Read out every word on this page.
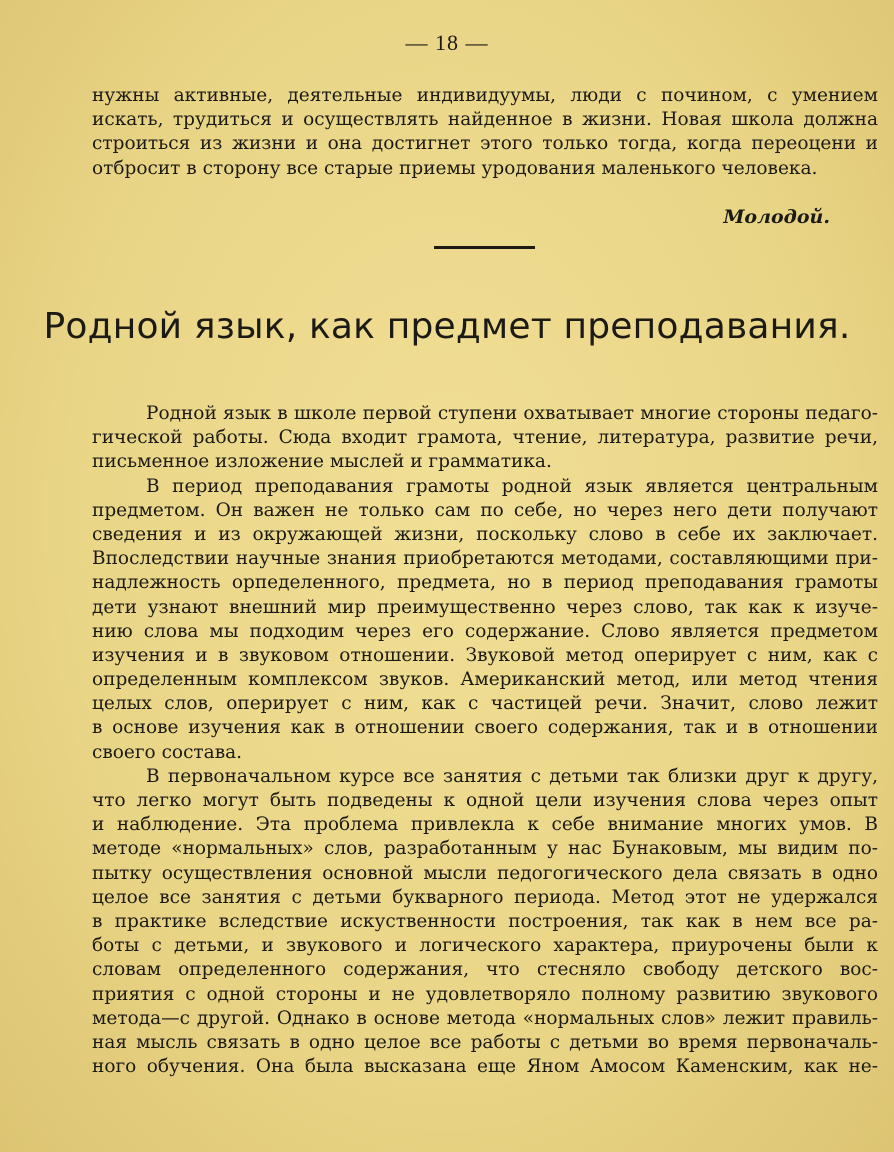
— 18 —
нужны активные, деятельные индивидуумы, люди с почином, с умением
искать, трудиться и осуществлять найденное в жизни. Новая школа должна
строиться из жизни и она достигнет этого только тогда, когда переоцени и
отбросит в сторону все старые приемы уродования маленького человека.
Молодой.
Родной язык, как предмет преподавания.
Родной язык в школе первой ступени охватывает многие стороны педаго-
гической работы. Сюда входит грамота, чтение, литература, развитие речи,
письменное изложение мыслей и грамматика.
В период преподавания грамоты родной язык является центральным
предметом. Он важен не только сам по себе, но через него дети получают
сведения и из окружающей жизни, поскольку слово в себе их заключает.
Впоследствии научные знания приобретаются методами, составляющими при-
надлежность орпеделенного, предмета, но в период преподавания грамоты
дети узнают внешний мир преимущественно через слово, так как к изуче-
нию слова мы подходим через его содержание. Слово является предметом
изучения и в звуковом отношении. Звуковой метод оперирует с ним, как с
определенным комплексом звуков. Американский метод, или метод чтения
целых слов, оперирует с ним, как с частицей речи. Значит, слово лежит
в основе изучения как в отношении своего содержания, так и в отношении
своего состава.
В первоначальном курсе все занятия с детьми так близки друг к другу,
что легко могут быть подведены к одной цели изучения слова через опыт
и наблюдение. Эта проблема привлекла к себе внимание многих умов. В
методе «нормальных» слов, разработанным у нас Бунаковым, мы видим по-
пытку осуществления основной мысли педогогического дела связать в одно
целое все занятия с детьми букварного периода. Метод этот не удержался
в практике вследствие искуственности построения, так как в нем все ра-
боты с детьми, и звукового и логического характера, приурочены были к
словам определенного содержания, что стесняло свободу детского вос-
приятия с одной стороны и не удовлетворяло полному развитию звукового
метода—с другой. Однако в основе метода «нормальных слов» лежит правиль-
ная мысль связать в одно целое все работы с детьми во время первоначаль-
ного обучения. Она была высказана еще Яном Амосом Каменским, как не-
